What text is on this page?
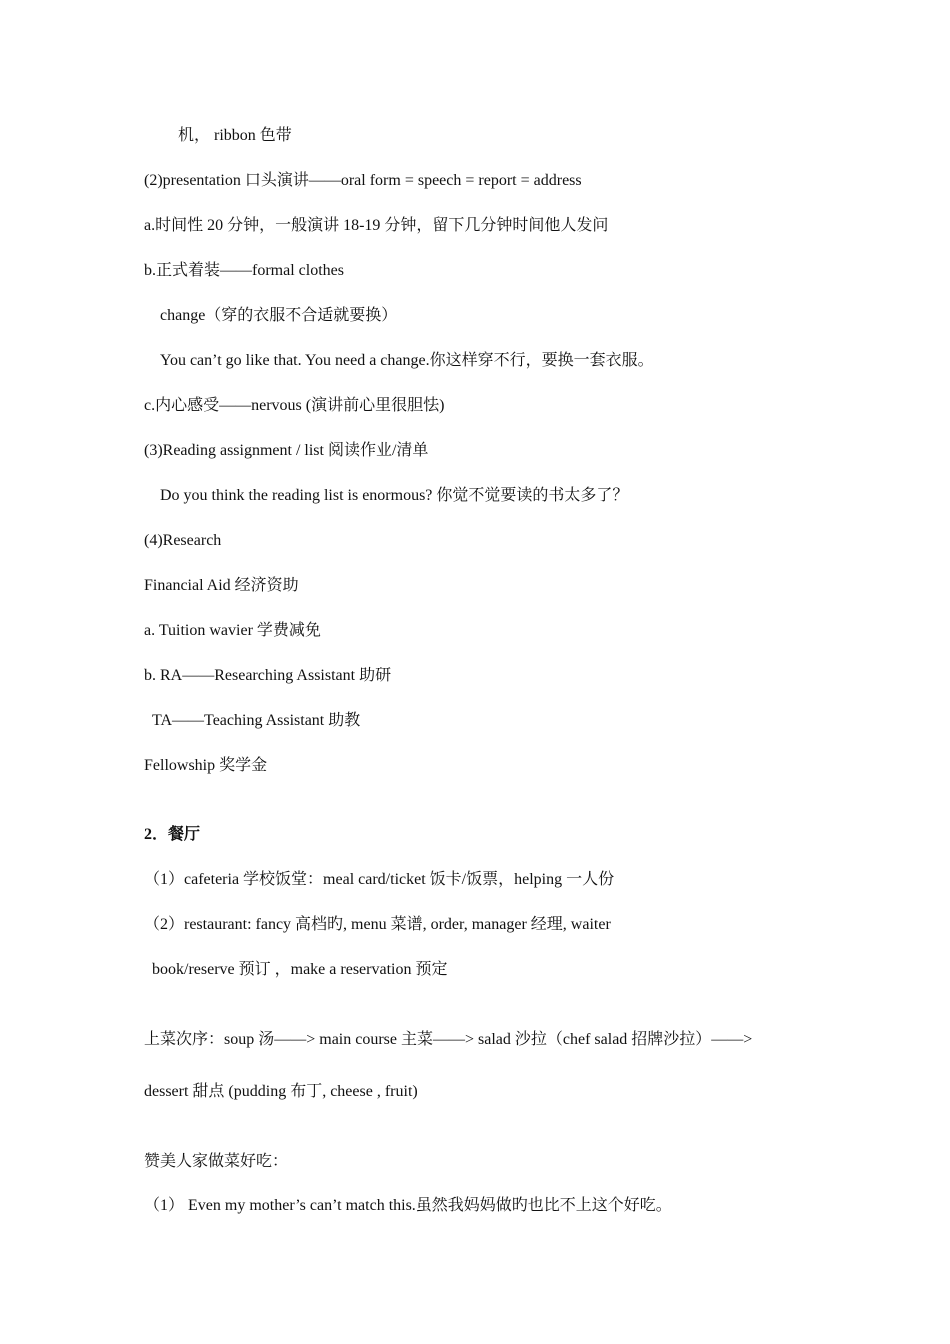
机， ribbon 色带
(2)presentation 口头演讲——oral form = speech = report = address
a.时间性 20 分钟，一般演讲 18-19 分钟，留下几分钟时间他人发问
b.正式着装——formal clothes
change（穿的衣服不合适就要换）
You can’t go like that. You need a change.你这样穿不行，要换一套衣服。
c.内心感受——nervous (演讲前心里很胆怯)
(3)Reading assignment / list 阅读作业/清单
Do you think the reading list is enormous? 你觉不觉要读的书太多了？
(4)Research
Financial Aid 经济资助
a. Tuition wavier 学费减免
b. RA——Researching Assistant 助研
TA——Teaching Assistant 助教
Fellowship 奖学金
2．餐厅
（1）cafeteria 学校饭堂：meal card/ticket 饭卡/饭票，helping 一人份
（2）restaurant: fancy 高档旳, menu 菜谱, order, manager 经理, waiter
book/reserve 预订 ，make a reservation 预定
上菜次序：soup 汤——> main course 主菜——> salad 沙拉（chef salad 招牌沙拉）——>
dessert 甜点 (pudding 布丁, cheese , fruit)
赞美人家做菜好吃：
（1） Even my mother’s can’t match this.虽然我妈妈做旳也比不上这个好吃。
